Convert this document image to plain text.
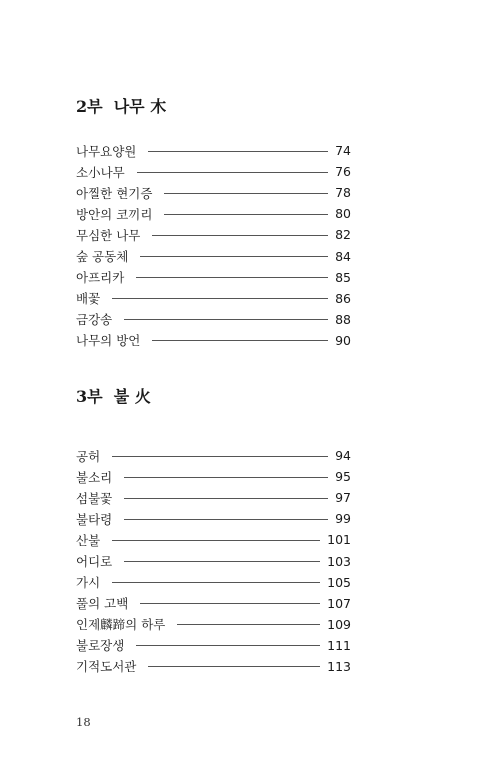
2부  나무 木
나무요양원	74
소小나무	76
아찔한 현기증	78
방안의 코끼리	80
무심한 나무	82
숲 공동체	84
아프리카	85
배꽃	86
금강송	88
나무의 방언	90
3부  불 火
공허	94
불소리	95
섬불꽃	97
불타령	99
산불	101
어디로	103
가시	105
풀의 고백	107
인제麟蹄의 하루	109
불로장생	111
기적도서관	113
18
